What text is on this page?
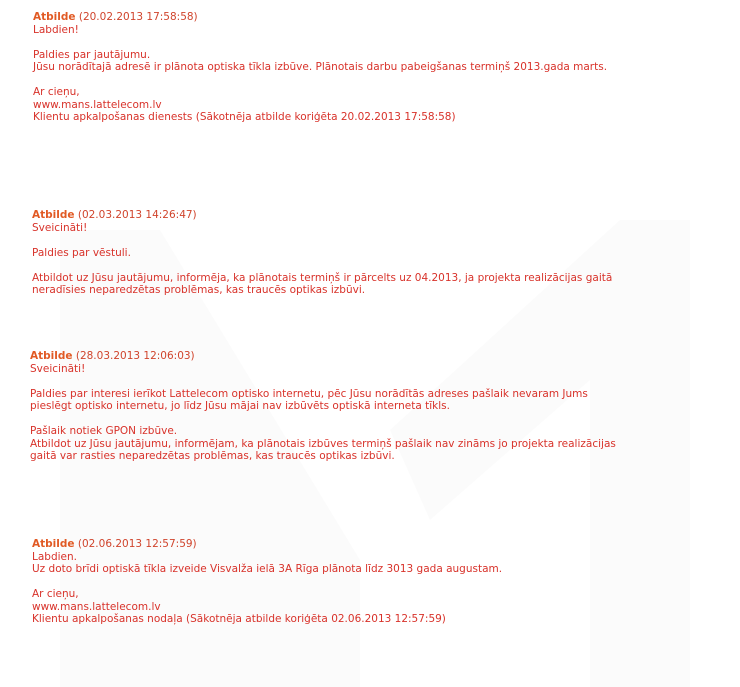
Atbilde (20.02.2013 17:58:58)

Labdien!

Paldies par jautājumu.

Jūsu norādītajā adresē ir plānota optiska tīkla izbūve. Plānotais darbu pabeigšanas termiņš 2013.gada marts.

Ar cieņu,

www.mans.lattelecom.lv

Klientu apkalpošanas dienests (Sākotnēja atbilde koriģēta 20.02.2013 17:58:58)

Atbilde (02.03.2013 14:26:47)

Sveicināti!

Paldies par vēstuli.

Atbildot uz Jūsu jautājumu, informēja, ka plānotais termiņš ir pārcelts uz 04.2013, ja projekta realizācijas gaitā

neradīsies neparedzētas problēmas, kas traucēs optikas izbūvi.

Atbilde (28.03.2013 12:06:03)

Sveicināti!

Paldies par interesi ierīkot Lattelecom optisko internetu, pēc Jūsu norādītās adreses pašlaik nevaram Jums

pieslēgt optisko internetu, jo līdz Jūsu mājai nav izbūvēts optiskā interneta tīkls.

Pašlaik notiek GPON izbūve.

Atbildot uz Jūsu jautājumu, informējam, ka plānotais izbūves termiņš pašlaik nav zināms jo projekta realizācijas

gaitā var rasties neparedzētas problēmas, kas traucēs optikas izbūvi.

Atbilde (02.06.2013 12:57:59)

Labdien.

Uz doto brīdi optiskā tīkla izveide Visvalža ielā 3A Rīga plānota līdz 3013 gada augustam.

Ar cieņu,

www.mans.lattelecom.lv

Klientu apkalpošanas nodaļa (Sākotnēja atbilde koriģēta 02.06.2013 12:57:59)
